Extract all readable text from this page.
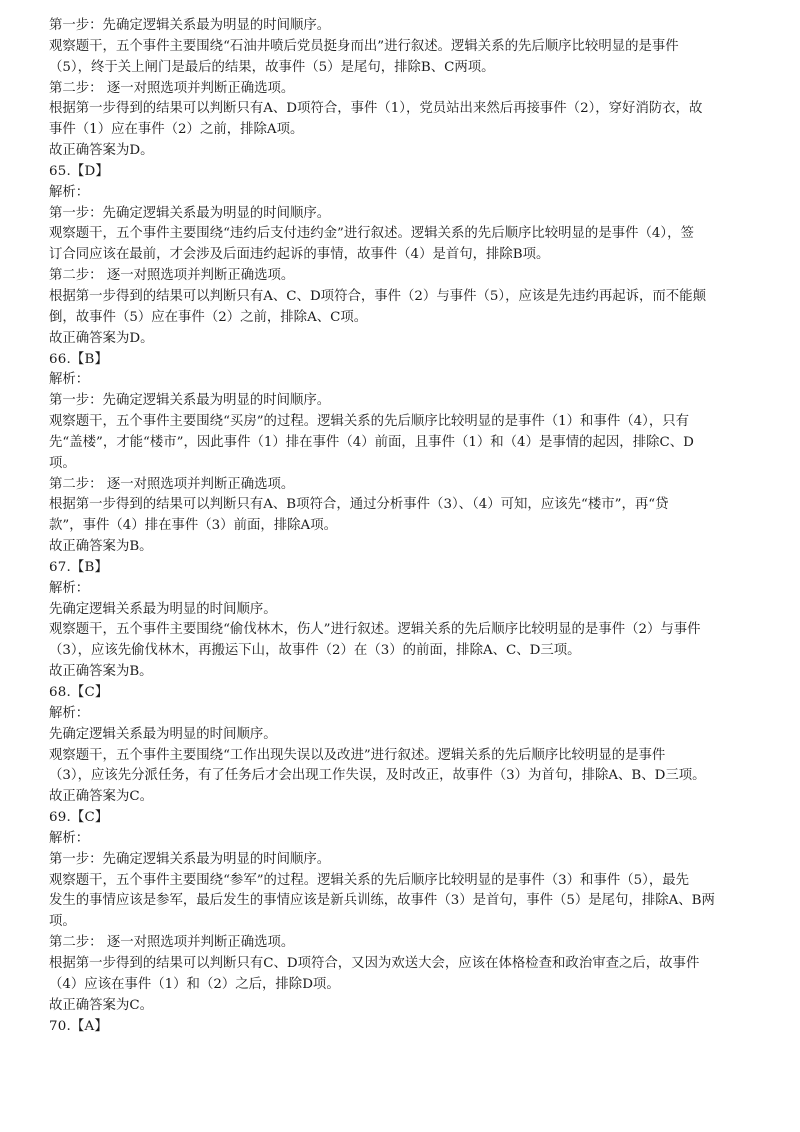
第一步：先确定逻辑关系最为明显的时间顺序。

观察题干，五个事件主要围绕“石油井喷后党员挺身而出”进行叙述。逻辑关系的先后顺序比较明显的是事件

（5），终于关上闸门是最后的结果，故事件（5）是尾句，排除B、C两项。

第二步： 逐一对照选项并判断正确选项。

根据第一步得到的结果可以判断只有A、D项符合，事件（1），党员站出来然后再接事件（2），穿好消防衣，故

事件（1）应在事件（2）之前，排除A项。

故正确答案为D。

65.【D】

解析：

第一步：先确定逻辑关系最为明显的时间顺序。

观察题干，五个事件主要围绕“违约后支付违约金”进行叙述。逻辑关系的先后顺序比较明显的是事件（4），签

订合同应该在最前，才会涉及后面违约起诉的事情，故事件（4）是首句，排除B项。

第二步： 逐一对照选项并判断正确选项。

根据第一步得到的结果可以判断只有A、C、D项符合，事件（2）与事件（5），应该是先违约再起诉，而不能颠

倒，故事件（5）应在事件（2）之前，排除A、C项。

故正确答案为D。

66.【B】

解析：

第一步：先确定逻辑关系最为明显的时间顺序。

观察题干，五个事件主要围绕“买房”的过程。逻辑关系的先后顺序比较明显的是事件（1）和事件（4），只有

先“盖楼”，才能“楼市”，因此事件（1）排在事件（4）前面，且事件（1）和（4）是事情的起因，排除C、D

项。

第二步： 逐一对照选项并判断正确选项。

根据第一步得到的结果可以判断只有A、B项符合，通过分析事件（3）、（4）可知，应该先“楼市”，再“贷

款”，事件（4）排在事件（3）前面，排除A项。

故正确答案为B。

67.【B】

解析：

先确定逻辑关系最为明显的时间顺序。

观察题干，五个事件主要围绕“偷伐林木，伤人”进行叙述。逻辑关系的先后顺序比较明显的是事件（2）与事件

（3），应该先偷伐林木，再搬运下山，故事件（2）在（3）的前面，排除A、C、D三项。

故正确答案为B。

68.【C】

解析：

先确定逻辑关系最为明显的时间顺序。

观察题干，五个事件主要围绕“工作出现失误以及改进”进行叙述。逻辑关系的先后顺序比较明显的是事件

（3），应该先分派任务，有了任务后才会出现工作失误，及时改正，故事件（3）为首句，排除A、B、D三项。

故正确答案为C。

69.【C】

解析：

第一步：先确定逻辑关系最为明显的时间顺序。

观察题干，五个事件主要围绕“参军”的过程。逻辑关系的先后顺序比较明显的是事件（3）和事件（5），最先

发生的事情应该是参军，最后发生的事情应该是新兵训练，故事件（3）是首句，事件（5）是尾句，排除A、B两

项。

第二步： 逐一对照选项并判断正确选项。

根据第一步得到的结果可以判断只有C、D项符合，又因为欢送大会，应该在体格检查和政治审查之后，故事件

（4）应该在事件（1）和（2）之后，排除D项。

故正确答案为C。

70.【A】
